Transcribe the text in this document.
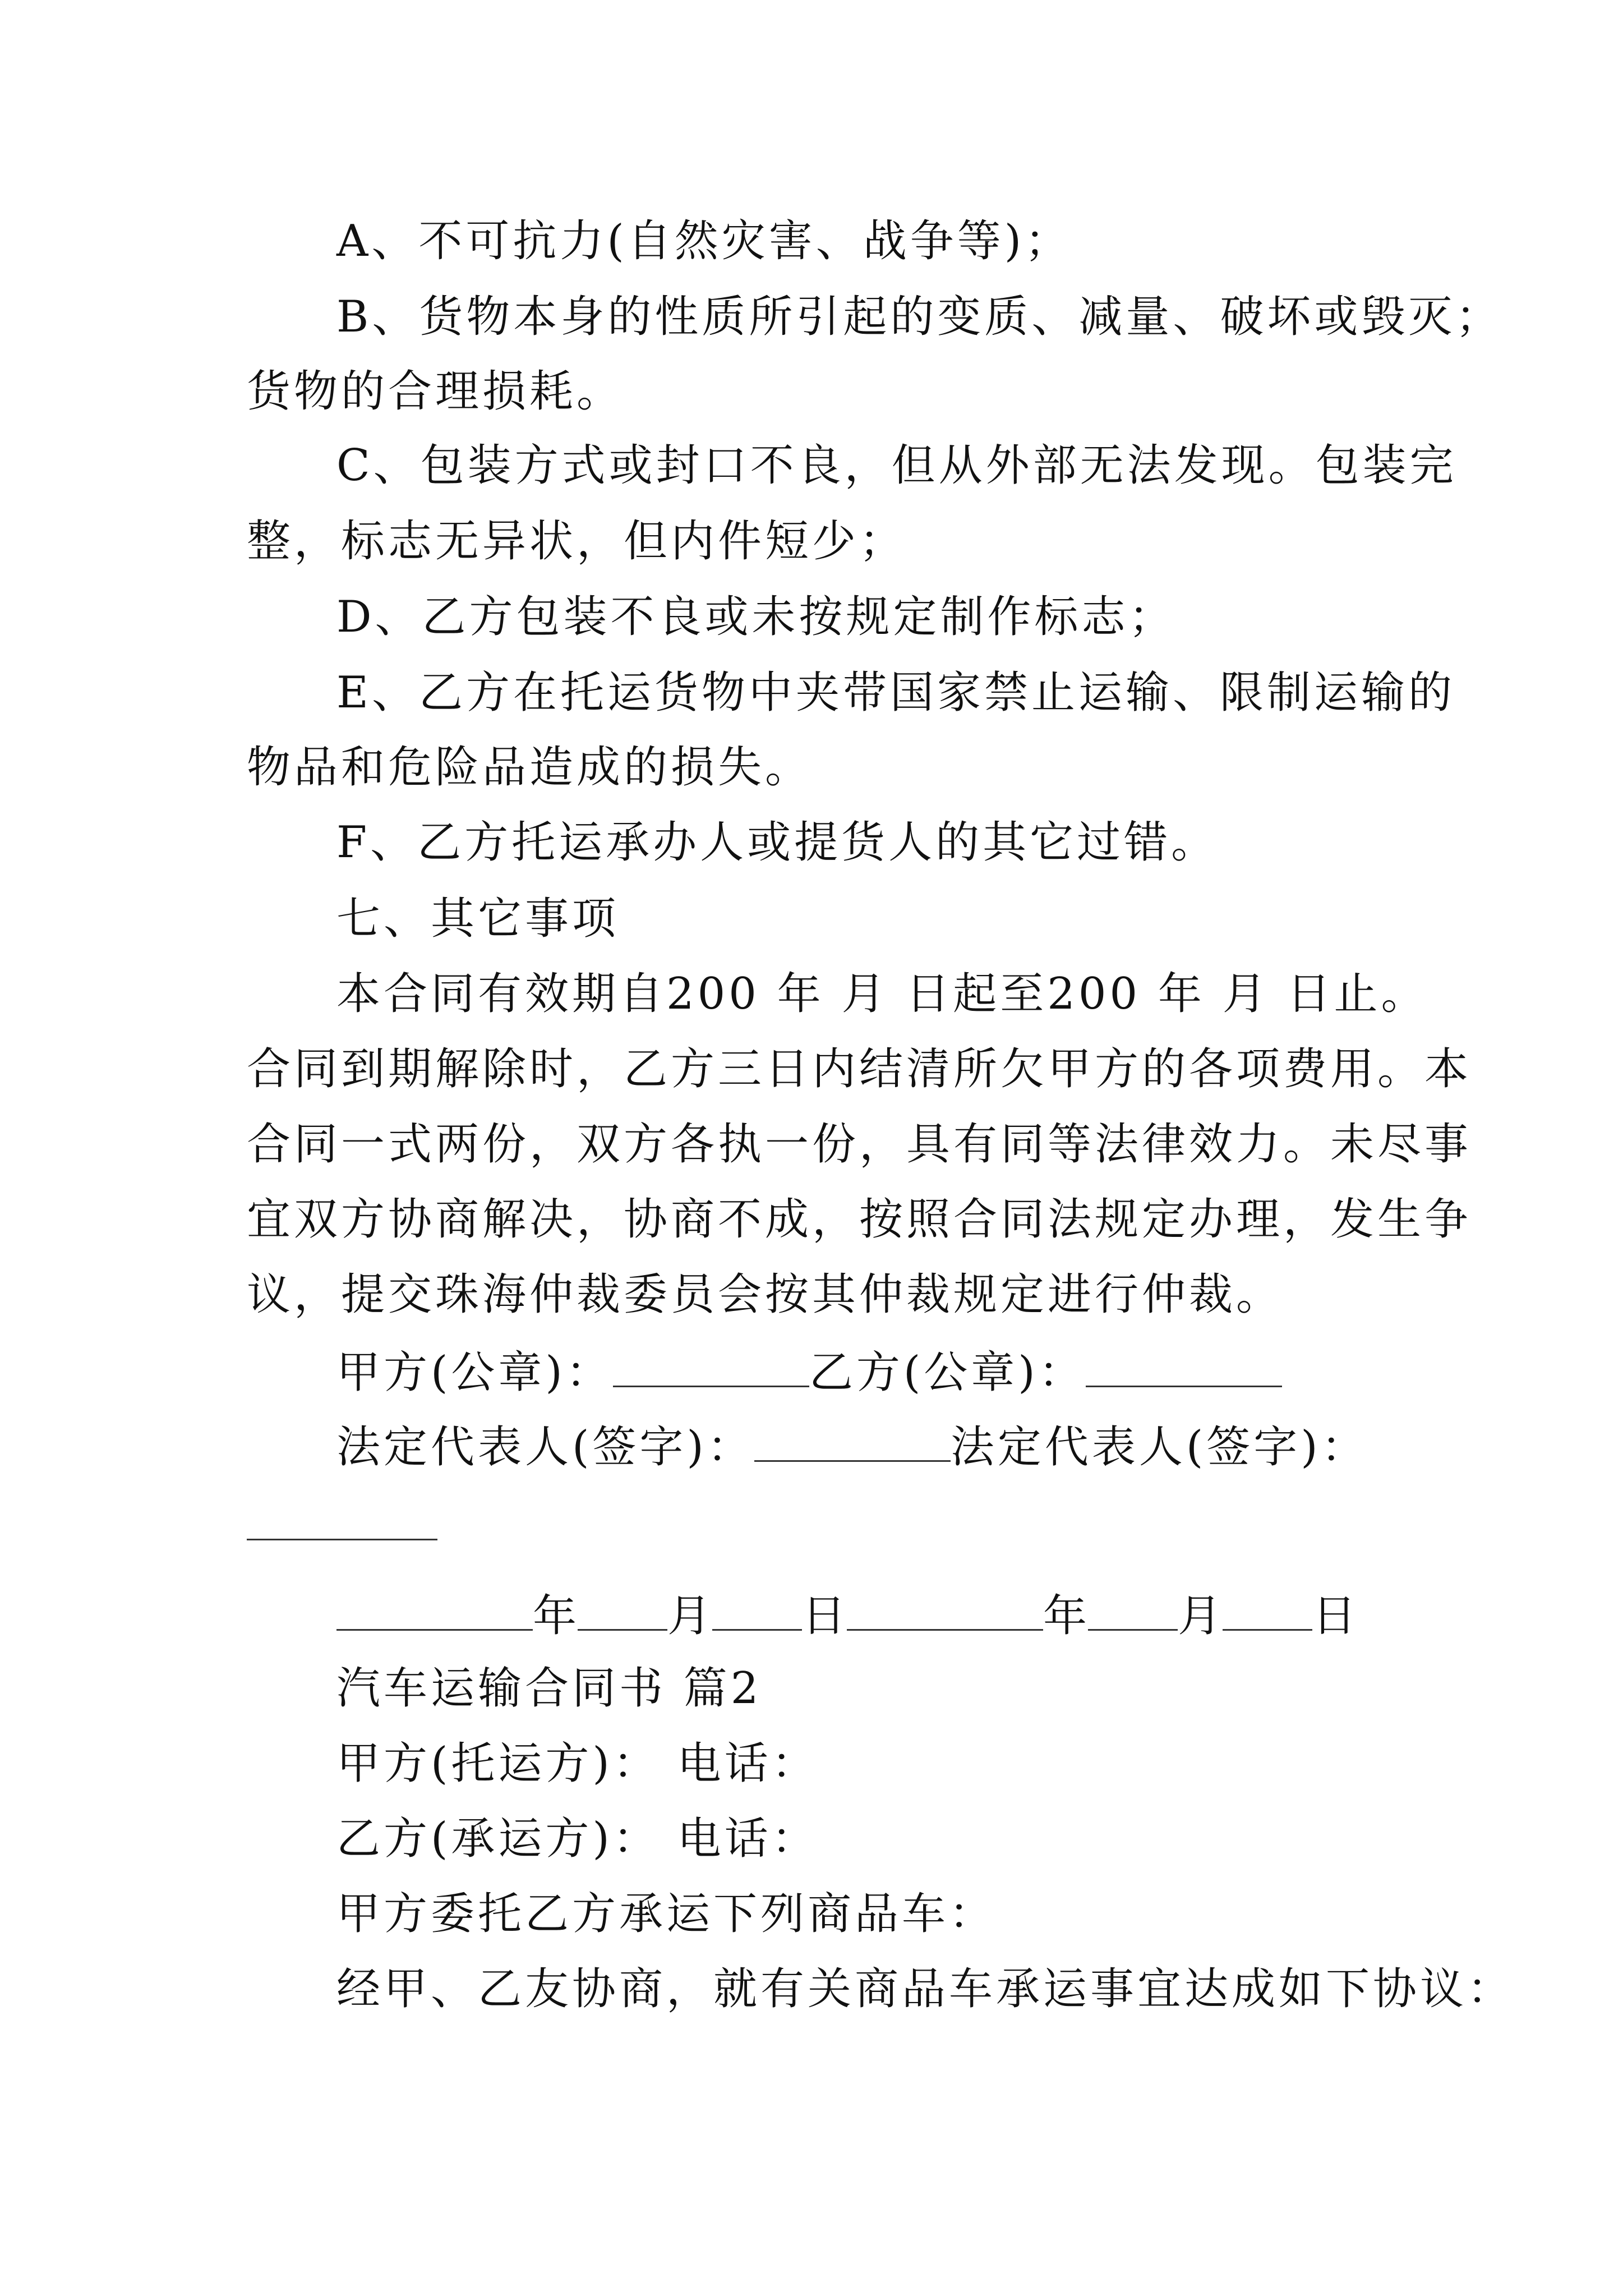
A、不可抗力(自然灾害、战争等)；
B、货物本身的性质所引起的变质、减量、破坏或毁灭；
货物的合理损耗。
C、包装方式或封口不良，但从外部无法发现。包装完
整，标志无异状，但内件短少；
D、乙方包装不良或未按规定制作标志；
E、乙方在托运货物中夹带国家禁止运输、限制运输的
物品和危险品造成的损失。
F、乙方托运承办人或提货人的其它过错。
七、其它事项
本合同有效期自200 年 月 日起至200 年 月 日止。
合同到期解除时，乙方三日内结清所欠甲方的各项费用。本
合同一式两份，双方各执一份，具有同等法律效力。未尽事
宜双方协商解决，协商不成，按照合同法规定办理，发生争
议，提交珠海仲裁委员会按其仲裁规定进行仲裁。
甲方(公章)：	乙方(公章)：
法定代表人(签字)：	法定代表人(签字)：
年 月 日	年 月 日
汽车运输合同书 篇2
甲方(托运方)： 电话：
乙方(承运方)： 电话：
甲方委托乙方承运下列商品车：
经甲、乙友协商，就有关商品车承运事宜达成如下协议：
